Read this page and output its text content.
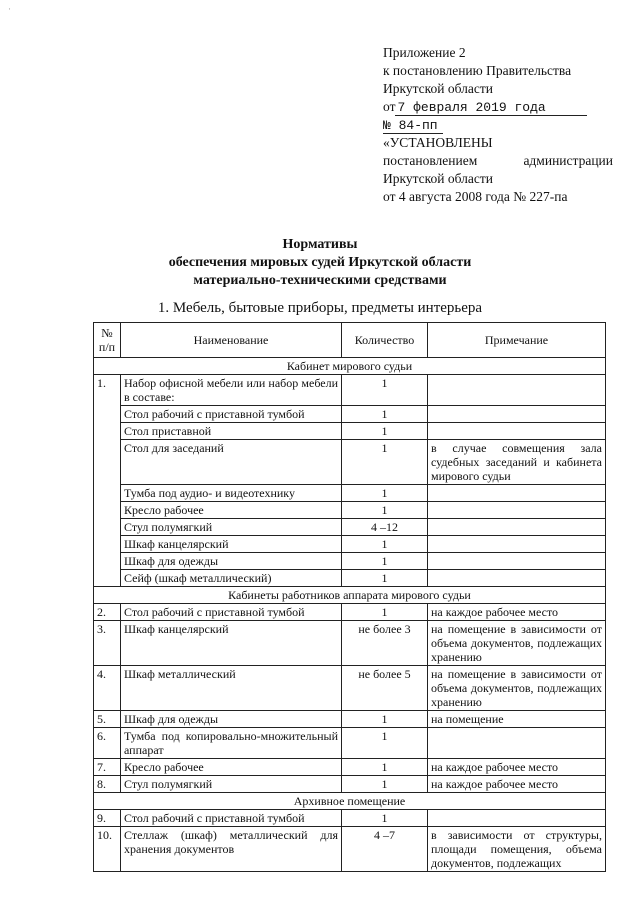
·
Приложение 2
к постановлению Правительства
Иркутской области
от 7 февраля 2019 года
№ 84-пп
«УСТАНОВЛЕНЫ
постановлением	администрации
Иркутской области
от 4 августа 2008 года № 227-па
Нормативы
обеспечения мировых судей Иркутской области
материально-техническими средствами
1. Мебель, бытовые приборы, предметы интерьера
№ п/п	Наименование	Количество	Примечание
Кабинет мирового судьи			
1.	Набор офисной мебели или набор мебели в составе:	1	
	Стол рабочий с приставной тумбой	1	
	Стол приставной	1	
	Стол для заседаний	1	в случае совмещения зала судебных заседаний и кабинета мирового судьи
	Тумба под аудио- и видеотехнику	1	
	Кресло рабочее	1	
	Стул полумягкий	4 –12	
	Шкаф канцелярский	1	
	Шкаф для одежды	1	
	Сейф (шкаф металлический)	1	
Кабинеты работников аппарата мирового судьи			
2.	Стол рабочий с приставной тумбой	1	на каждое рабочее место
3.	Шкаф канцелярский	не более 3	на помещение в зависимости от объема документов, подлежащих хранению
4.	Шкаф металлический	не более 5	на помещение в зависимости от объема документов, подлежащих хранению
5.	Шкаф для одежды	1	на помещение
6.	Тумба под копировально-множительный аппарат	1	
7.	Кресло рабочее	1	на каждое рабочее место
8.	Стул полумягкий	1	на каждое рабочее место
Архивное помещение			
9.	Стол рабочий с приставной тумбой	1	
10.	Стеллаж (шкаф) металлический для хранения документов	4 –7	в зависимости от структуры, площади помещения, объема документов, подлежащих
